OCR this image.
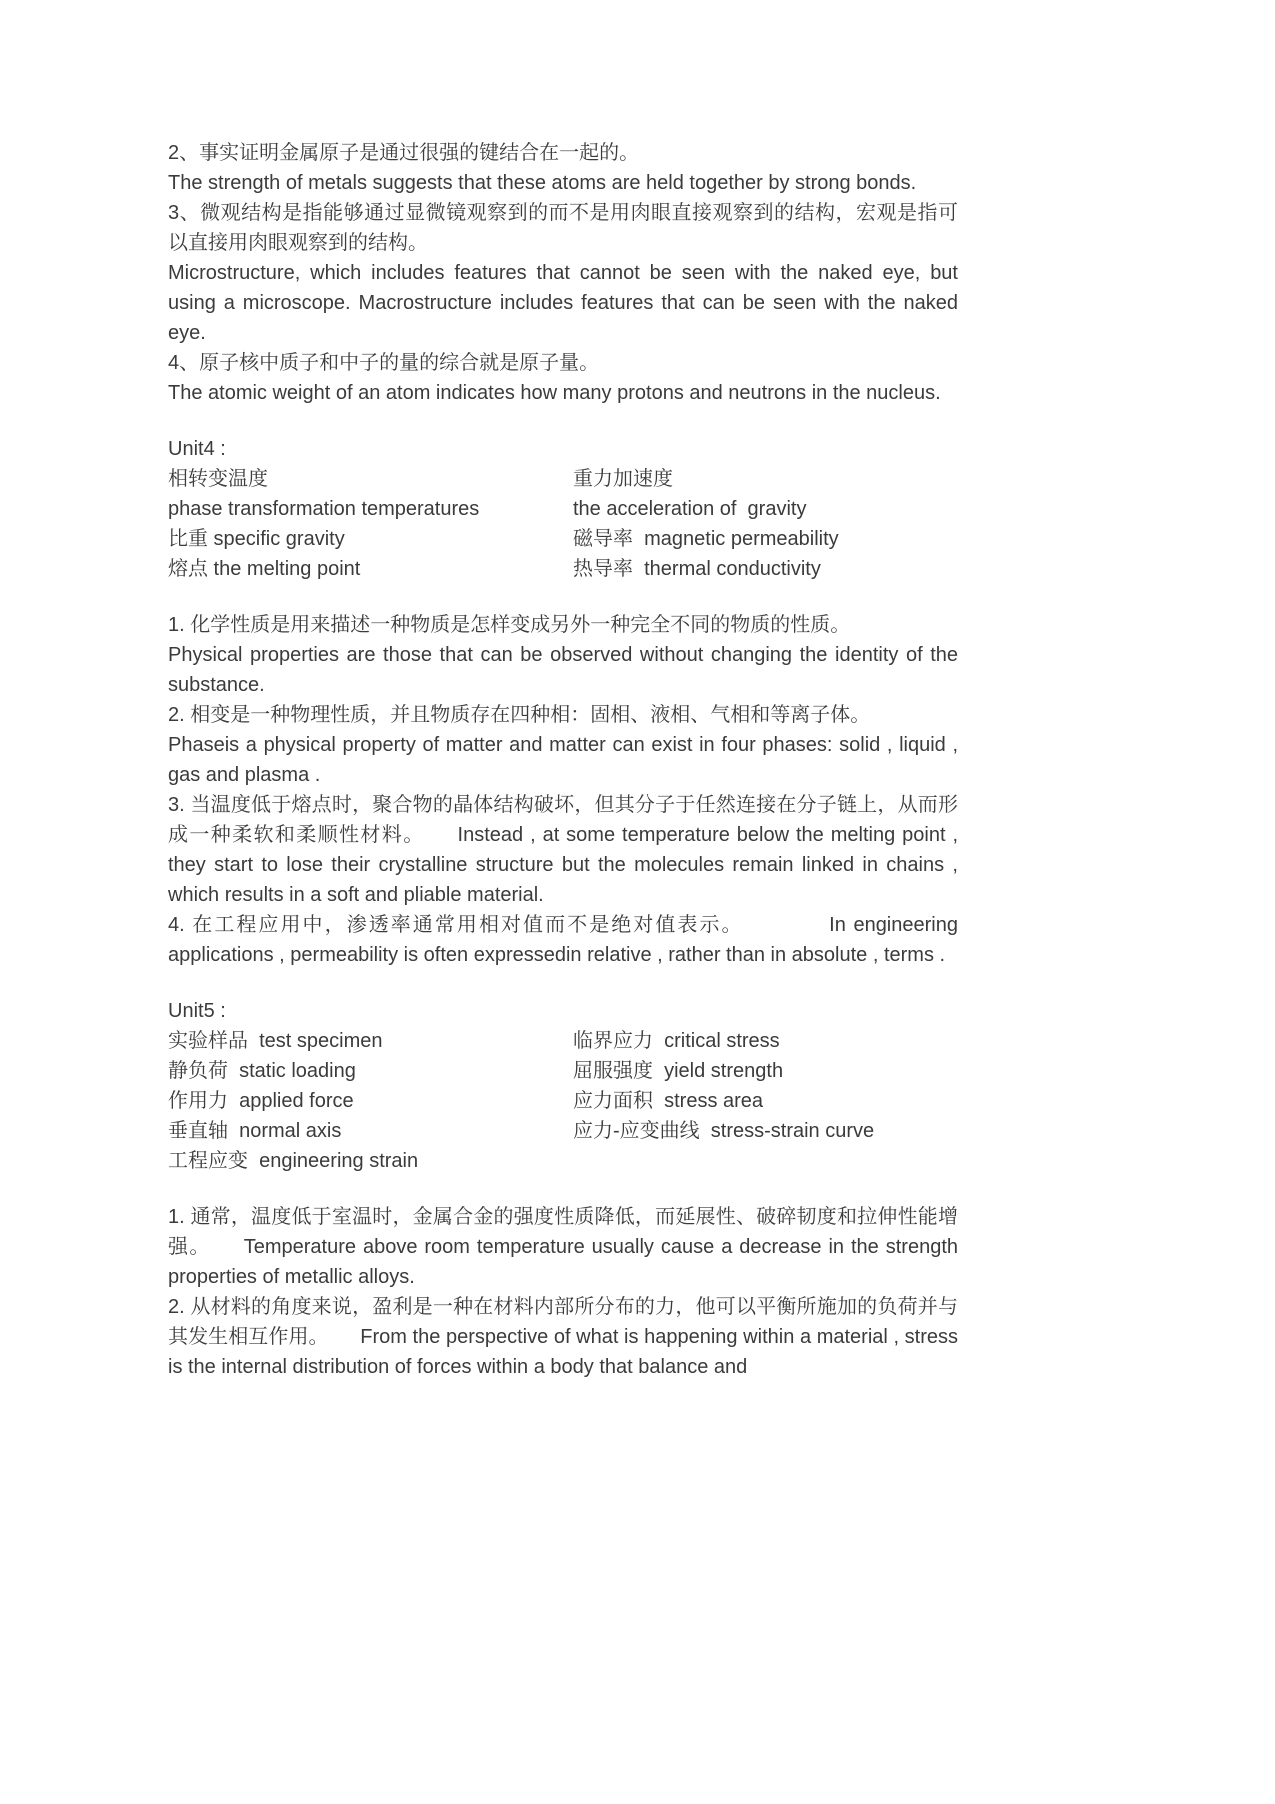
2、事实证明金属原子是通过很强的键结合在一起的。

The strength of metals suggests that these atoms are held together by strong bonds.

3、微观结构是指能够通过显微镜观察到的而不是用肉眼直接观察到的结构，宏观是指可以直接用肉眼观察到的结构。

Microstructure, which includes features that cannot be seen with the naked eye, but using a microscope. Macrostructure includes features that can be seen with the naked eye.

4、原子核中质子和中子的量的综合就是原子量。

The atomic weight of an atom indicates how many protons and neutrons in the nucleus.

Unit4 :

相转变温度
phase transformation temperatures
比重 specific gravity
熔点 the melting point
重力加速度
the acceleration of  gravity
磁导率  magnetic permeability
热导率  thermal conductivity

1. 化学性质是用来描述一种物质是怎样变成另外一种完全不同的物质的性质。
Physical properties are those that can be observed without changing the identity of the substance.

2. 相变是一种物理性质，并且物质存在四种相：固相、液相、气相和等离子体。
Phaseis a physical property of matter and matter can exist in four phases: solid , liquid , gas and plasma .

3. 当温度低于熔点时，聚合物的晶体结构破坏，但其分子于任然连接在分子链上，从而形成一种柔软和柔顺性材料。 Instead , at some temperature below the melting point , they start to lose their crystalline structure but the molecules remain linked in chains , which results in a soft and pliable material.

4. 在工程应用中，渗透率通常用相对值而不是绝对值表示。	In engineering applications , permeability is often expressedin relative , rather than in absolute , terms .

Unit5 :

实验样品  test specimen
静负荷  static loading
作用力  applied force
垂直轴  normal axis
工程应变  engineering strain
临界应力  critical stress
屈服强度  yield strength
应力面积  stress area
应力-应变曲线  stress-strain curve

1. 通常，温度低于室温时，金属合金的强度性质降低，而延展性、破碎韧度和拉伸性能增强。 Temperature above room temperature usually cause a decrease in the strength properties of metallic alloys.

2. 从材料的角度来说，盈利是一种在材料内部所分布的力，他可以平衡所施加的负荷并与其发生相互作用。 From the perspective of what is happening within a material , stress is the internal distribution of forces within a body that balance and
